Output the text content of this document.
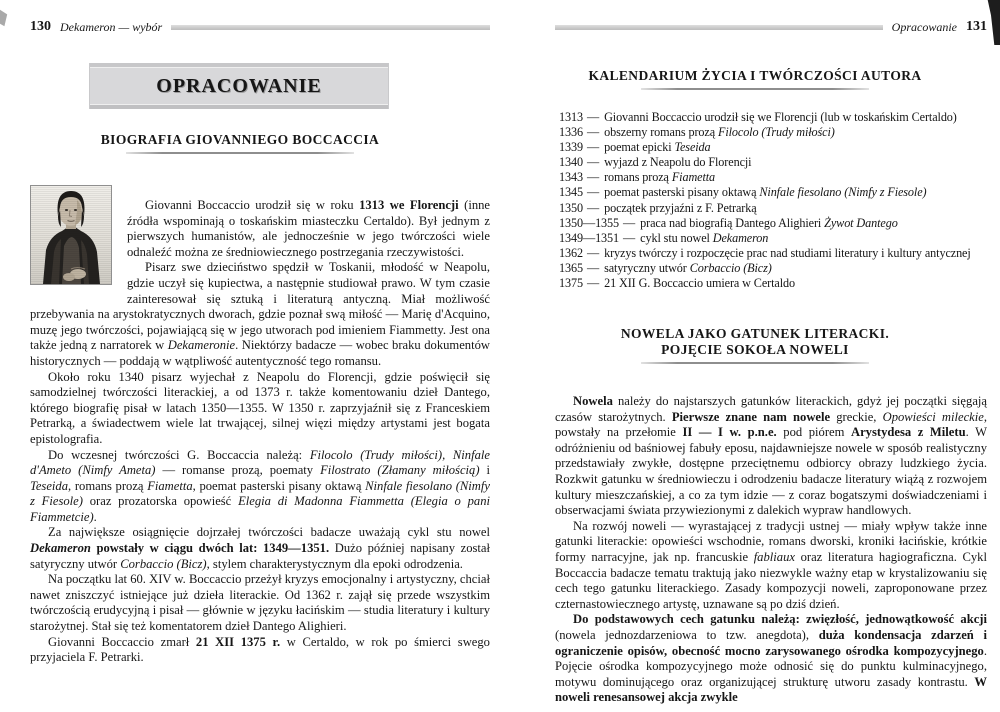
130 Dekameron — wybór
OPRACOWANIE
BIOGRAFIA GIOVANNIEGO BOCCACCIA

Giovanni Boccaccio urodził się w roku 1313 we Florencji (inne źródła wspominają o toskańskim miasteczku Certaldo). Był jednym z pierwszych humanistów, ale jednocześnie w jego twórczości wiele odnaleźć można ze średniowiecznego postrzegania rzeczywistości.

Pisarz swe dzieciństwo spędził w Toskanii, młodość w Neapolu, gdzie uczył się kupiectwa, a następnie studiował prawo. W tym czasie zainteresował się sztuką i literaturą antyczną. Miał możliwość przebywania na arystokratycznych dworach, gdzie poznał swą miłość — Marię d'Acquino, muzę jego twórczości, pojawiającą się w jego utworach pod imieniem Fiammetty. Jest ona także jedną z narratorek w Dekameronie. Niektórzy badacze — wobec braku dokumentów historycznych — poddają w wątpliwość autentyczność tego romansu.

Około roku 1340 pisarz wyjechał z Neapolu do Florencji, gdzie poświęcił się samodzielnej twórczości literackiej, a od 1373 r. także komentowaniu dzieł Dantego, którego biografię pisał w latach 1350—1355. W 1350 r. zaprzyjaźnił się z Franceskiem Petrarką, a świadectwem wiele lat trwającej, silnej więzi między artystami jest bogata epistolografia.

Do wczesnej twórczości G. Boccaccia należą: Filocolo (Trudy miłości), Ninfale d'Ameto (Nimfy Ameta) — romanse prozą, poematy Filostrato (Złamany miłością) i Teseida, romans prozą Fiametta, poemat pasterski pisany oktawą Ninfale fiesolano (Nimfy z Fiesole) oraz prozatorska opowieść Elegia di Madonna Fiammetta (Elegia o pani Fiammetcie).

Za największe osiągnięcie dojrzałej twórczości badacze uważają cykl stu nowel Dekameron powstały w ciągu dwóch lat: 1349—1351. Dużo później napisany został satyryczny utwór Corbaccio (Bicz), stylem charakterystycznym dla epoki odrodzenia.

Na początku lat 60. XIV w. Boccaccio przeżył kryzys emocjonalny i artystyczny, chciał nawet zniszczyć istniejące już dzieła literackie. Od 1362 r. zajął się przede wszystkim twórczością erudycyjną i pisał — głównie w języku łacińskim — studia literatury i kultury starożytnej. Stał się też komentatorem dzieł Dantego Alighieri.

Giovanni Boccaccio zmarł 21 XII 1375 r. w Certaldo, w rok po śmierci swego przyjaciela F. Petrarki.

Opracowanie 131
KALENDARIUM ŻYCIA I TWÓRCZOŚCI AUTORA
1313 — Giovanni Boccaccio urodził się we Florencji (lub w toskańskim Certaldo)
1336 — obszerny romans prozą Filocolo (Trudy miłości)
1339 — poemat epicki Teseida
1340 — wyjazd z Neapolu do Florencji
1343 — romans prozą Fiametta
1345 — poemat pasterski pisany oktawą Ninfale fiesolano (Nimfy z Fiesole)
1350 — początek przyjaźni z F. Petrarką
1350—1355 — praca nad biografią Dantego Alighieri Żywot Dantego
1349—1351 — cykl stu nowel Dekameron
1362 — kryzys twórczy i rozpoczęcie prac nad studiami literatury i kultury antycznej
1365 — satyryczny utwór Corbaccio (Bicz)
1375 — 21 XII G. Boccaccio umiera w Certaldo
NOWELA JAKO GATUNEK LITERACKI.
POJĘCIE SOKOŁA NOWELI

Nowela należy do najstarszych gatunków literackich, gdyż jej początki sięgają czasów starożytnych. Pierwsze znane nam nowele greckie, Opowieści mileckie, powstały na przełomie II — I w. p.n.e. pod piórem Arystydesa z Miletu. W odróżnieniu od baśniowej fabuły eposu, najdawniejsze nowele w sposób realistyczny przedstawiały zwykłe, dostępne przeciętnemu odbiorcy obrazy ludzkiego życia. Rozkwit gatunku w średniowieczu i odrodzeniu badacze literatury wiążą z rozwojem kultury mieszczańskiej, a co za tym idzie — z coraz bogatszymi doświadczeniami i obserwacjami świata przywiezionymi z dalekich wypraw handlowych.

Na rozwój noweli — wyrastającej z tradycji ustnej — miały wpływ także inne gatunki literackie: opowieści wschodnie, romans dworski, kroniki łacińskie, krótkie formy narracyjne, jak np. francuskie fabliaux oraz literatura hagiograficzna. Cykl Boccaccia badacze tematu traktują jako niezwykle ważny etap w krystalizowaniu się cech tego gatunku literackiego. Zasady kompozycji noweli, zaproponowane przez czternastowiecznego artystę, uznawane są po dziś dzień.

Do podstawowych cech gatunku należą: zwięzłość, jednowątkowość akcji (nowela jednozdarzeniowa to tzw. anegdota), duża kondensacja zdarzeń i ograniczenie opisów, obecność mocno zarysowanego ośrodka kompozycyjnego. Pojęcie ośrodka kompozycyjnego może odnosić się do punktu kulminacyjnego, motywu dominującego oraz organizującej strukturę utworu zasady kontrastu. W noweli renesansowej akcja zwykle
